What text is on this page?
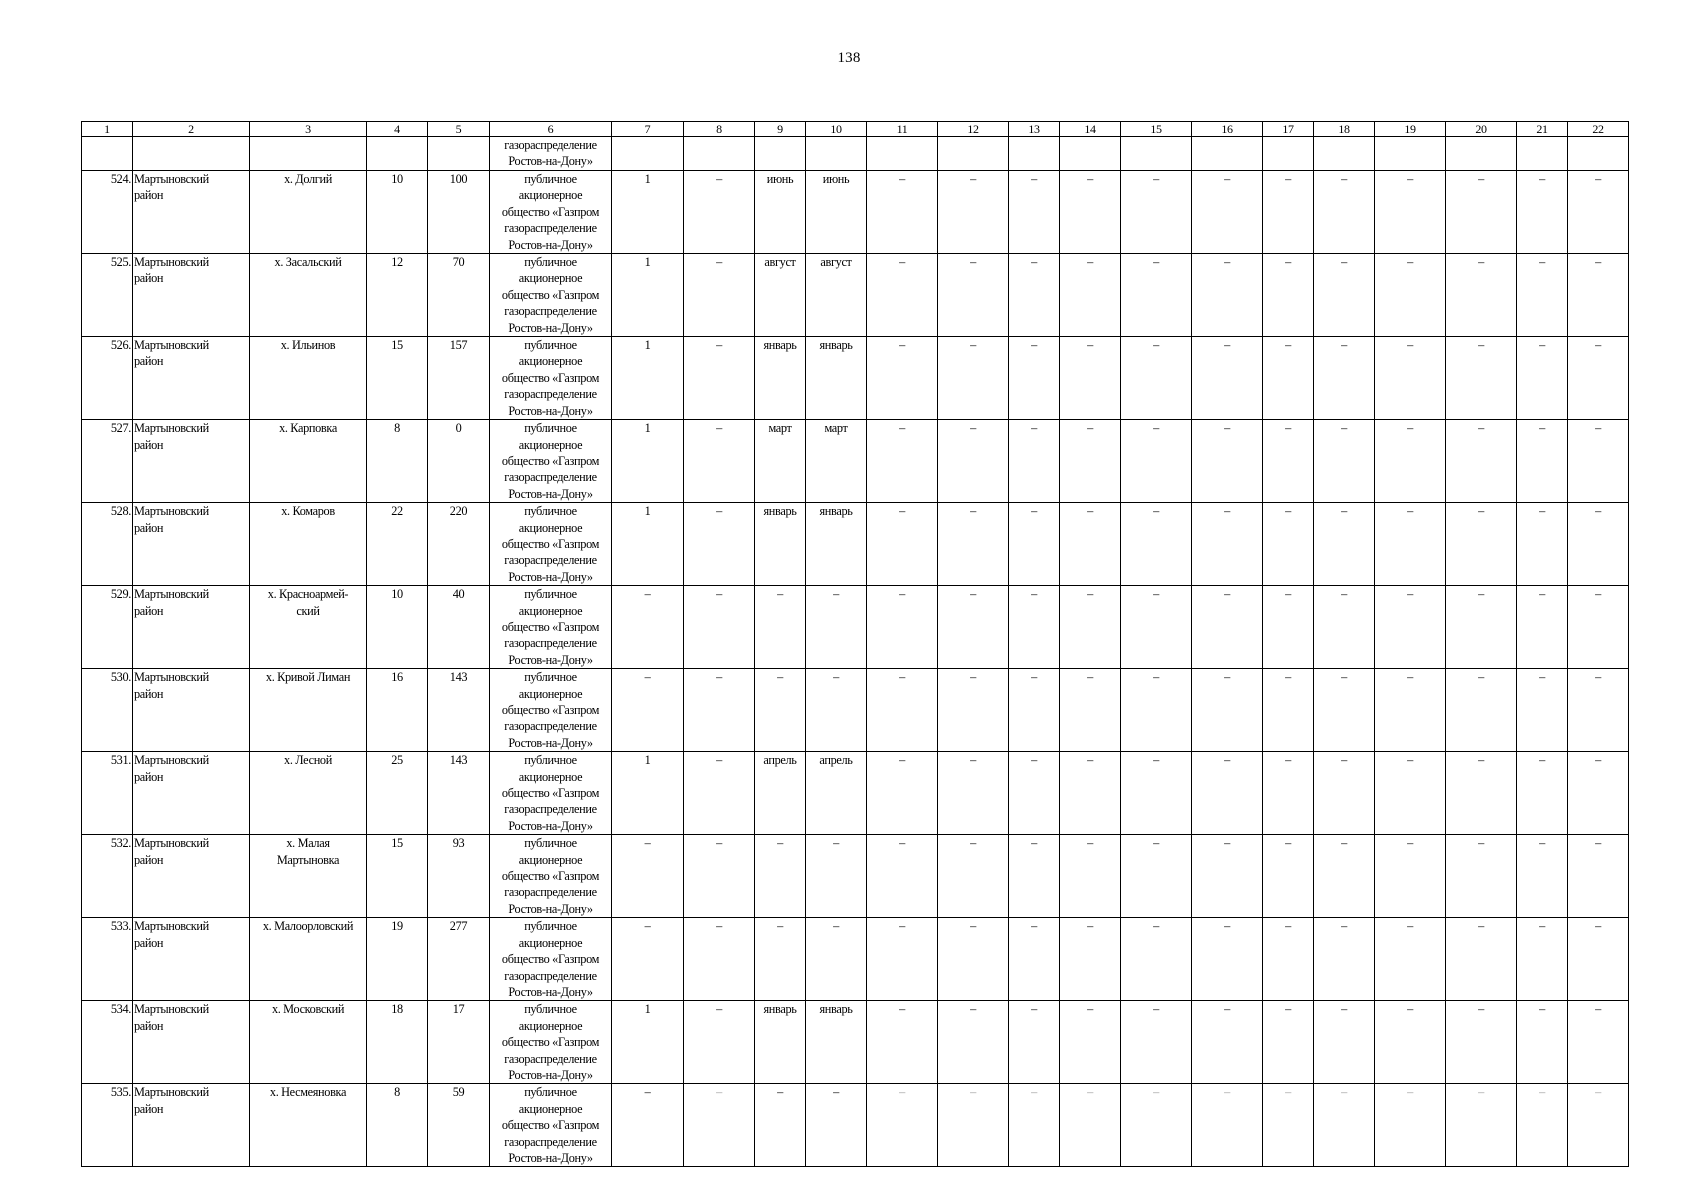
138
1	2	3	4	5	6	7	8	9	10	11	12	13	14	15	16	17	18	19	20	21	22
					газораспределение
Ростов-на-Дону»																
524.	Мартыновский
район	х. Долгий	10	100	публичное
акционерное
общество «Газпром
газораспределение
Ростов-на-Дону»	1	–	июнь	июнь	–	–	–	–	–	–	–	–	–	–	–	–
525.	Мартыновский
район	х. Засальский	12	70	публичное
акционерное
общество «Газпром
газораспределение
Ростов-на-Дону»	1	–	август	август	–	–	–	–	–	–	–	–	–	–	–	–
526.	Мартыновский
район	х. Ильинов	15	157	публичное
акционерное
общество «Газпром
газораспределение
Ростов-на-Дону»	1	–	январь	январь	–	–	–	–	–	–	–	–	–	–	–	–
527.	Мартыновский
район	х. Карповка	8	0	публичное
акционерное
общество «Газпром
газораспределение
Ростов-на-Дону»	1	–	март	март	–	–	–	–	–	–	–	–	–	–	–	–
528.	Мартыновский
район	х. Комаров	22	220	публичное
акционерное
общество «Газпром
газораспределение
Ростов-на-Дону»	1	–	январь	январь	–	–	–	–	–	–	–	–	–	–	–	–
529.	Мартыновский
район	х. Красноармей-
ский	10	40	публичное
акционерное
общество «Газпром
газораспределение
Ростов-на-Дону»	–	–	–	–	–	–	–	–	–	–	–	–	–	–	–	–
530.	Мартыновский
район	х. Кривой Лиман	16	143	публичное
акционерное
общество «Газпром
газораспределение
Ростов-на-Дону»	–	–	–	–	–	–	–	–	–	–	–	–	–	–	–	–
531.	Мартыновский
район	х. Лесной	25	143	публичное
акционерное
общество «Газпром
газораспределение
Ростов-на-Дону»	1	–	апрель	апрель	–	–	–	–	–	–	–	–	–	–	–	–
532.	Мартыновский
район	х. Малая
Мартыновка	15	93	публичное
акционерное
общество «Газпром
газораспределение
Ростов-на-Дону»	–	–	–	–	–	–	–	–	–	–	–	–	–	–	–	–
533.	Мартыновский
район	х. Малоорловский	19	277	публичное
акционерное
общество «Газпром
газораспределение
Ростов-на-Дону»	–	–	–	–	–	–	–	–	–	–	–	–	–	–	–	–
534.	Мартыновский
район	х. Московский	18	17	публичное
акционерное
общество «Газпром
газораспределение
Ростов-на-Дону»	1	–	январь	январь	–	–	–	–	–	–	–	–	–	–	–	–
535.	Мартыновский
район	х. Несмеяновка	8	59	публичное
акционерное
общество «Газпром
газораспределение
Ростов-на-Дону»	–	–	–	–	–	–	–	–	–	–	–	–	–	–	–	–
